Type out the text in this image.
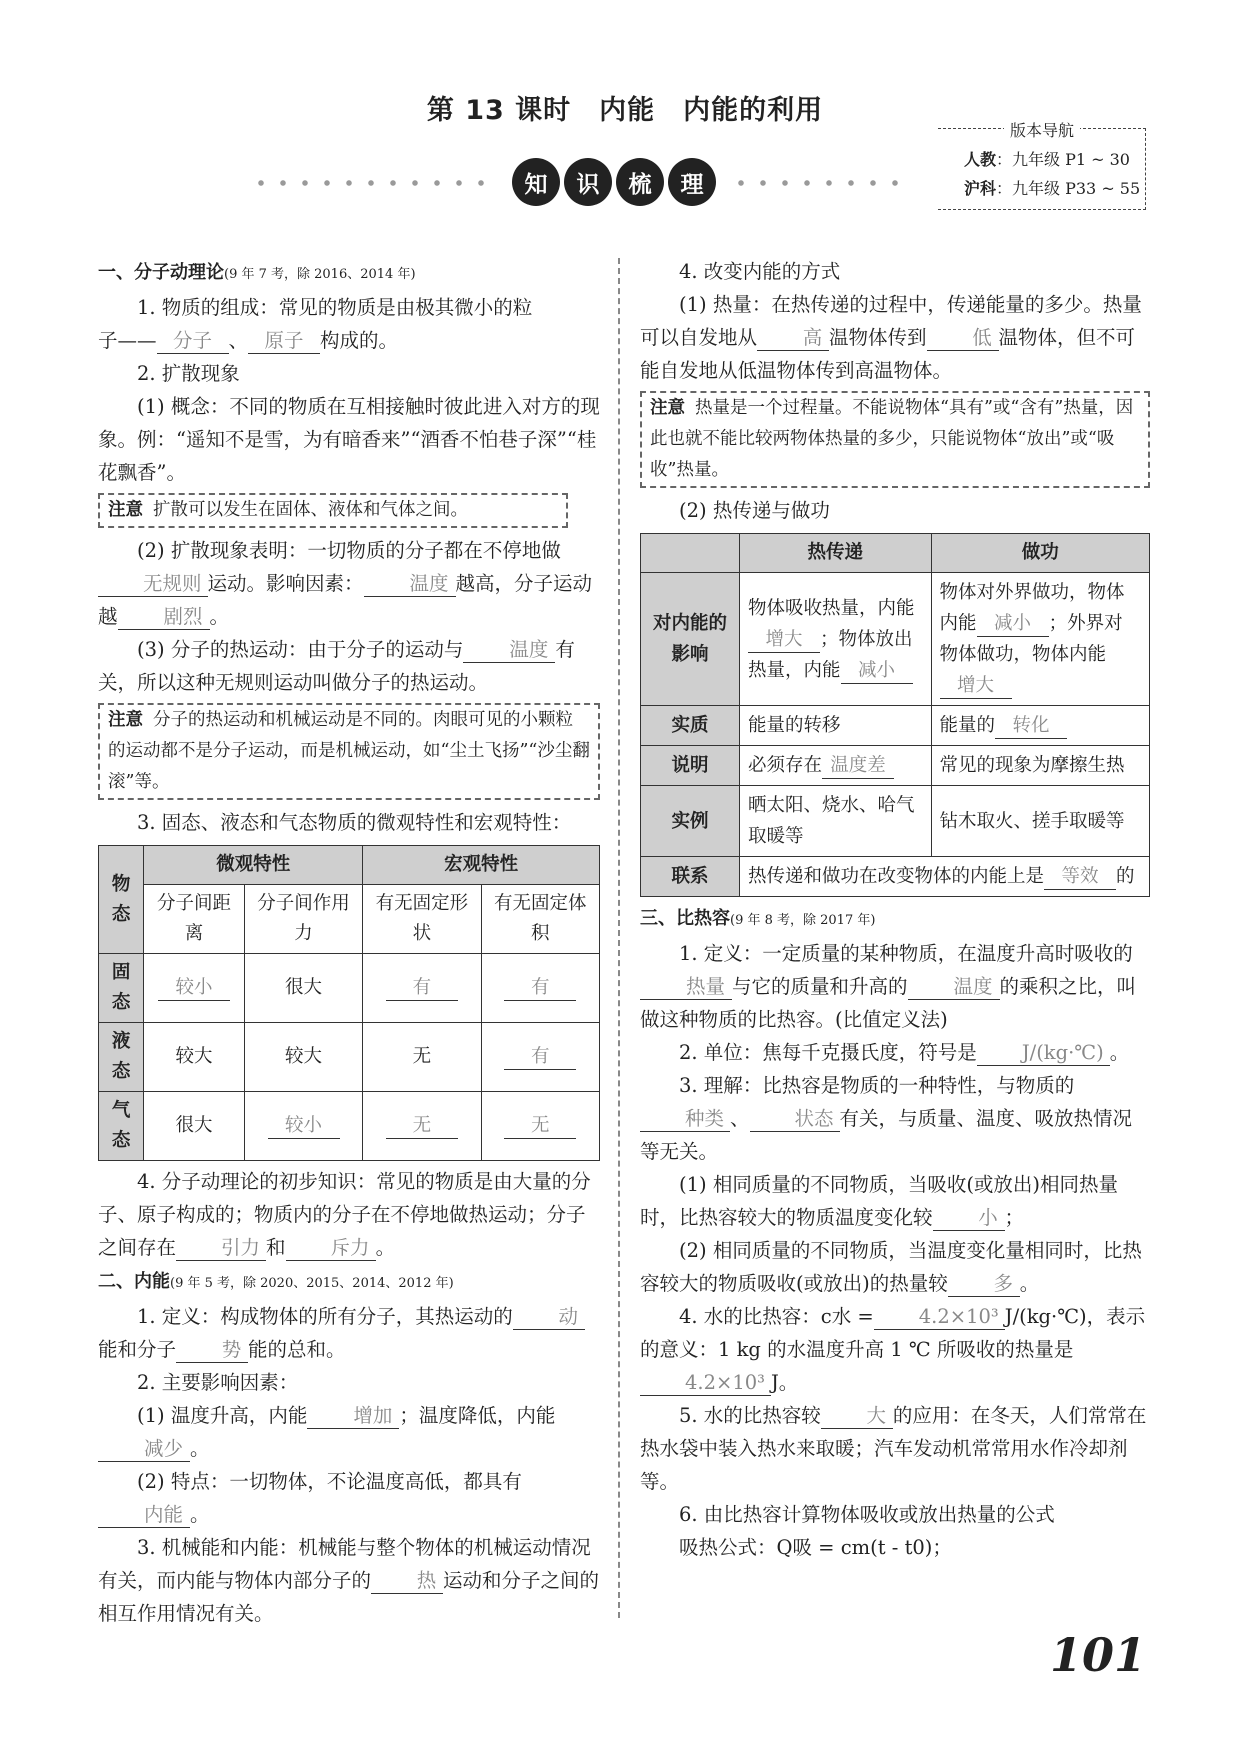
第 13 课时　内能　内能的利用
版本导航
人教：九年级 P1 ~ 30
沪科：九年级 P33 ~ 55
知	识	梳	理

一、分子动理论(9 年 7 考，除 2016、2014 年)

1. 物质的组成：常见的物质是由极其微小的粒

子—— 分子 、 原子 构成的。

2. 扩散现象

(1) 概念：不同的物质在互相接触时彼此进入对方的现象。例：“遥知不是雪，为有暗香来”“酒香不怕巷子深”“桂花飘香”。

注意 扩散可以发生在固体、液体和气体之间。

(2) 扩散现象表明：一切物质的分子都在不停地做无规则 运动。影响因素： 温度 越高，分子运动越 剧烈 。

(3) 分子的热运动：由于分子的运动与 温度 有关，所以这种无规则运动叫做分子的热运动。

注意 分子的热运动和机械运动是不同的。肉眼可见的小颗粒的运动都不是分子运动，而是机械运动，如“尘土飞扬”“沙尘翻滚”等。

3. 固态、液态和气态物质的微观特性和宏观特性：

物态	微观特性		宏观特性	
	分子间距离	分子间作用力	有无固定形状	有无固定体积
固态	较小	很大	有	有
液态	较大	较大	无	有
气态	很大	较小	无	无

4. 分子动理论的初步知识：常见的物质是由大量的分子、原子构成的；物质内的分子在不停地做热运动；分子之间存在 引力 和 斥力 。

二、内能(9 年 5 考，除 2020、2015、2014、2012 年)

1. 定义：构成物体的所有分子，其热运动的 动能和分子 势 能的总和。

2. 主要影响因素：

(1) 温度升高，内能 增加 ；温度降低，内能减少 。

(2) 特点：一切物体，不论温度高低，都具有内能 。

3. 机械能和内能：机械能与整个物体的机械运动情况有关，而内能与物体内部分子的 热 运动和分子之间的相互作用情况有关。

4. 改变内能的方式

(1) 热量：在热传递的过程中，传递能量的多少。热量可以自发地从 高 温物体传到 低 温物体，但不可能自发地从低温物体传到高温物体。

注意 热量是一个过程量。不能说物体“具有”或“含有”热量，因此也就不能比较两物体热量的多少，只能说物体“放出”或“吸收”热量。

(2) 热传递与做功

	热传递	做功
对内能的影响	物体吸收热量，内能增大 ；物体放出热量，内能 减小	物体对外界做功，物体内能 减小 ；外界对物体做功，物体内能增大
实质	能量的转移	能量的 转化
说明	必须存在 温度差	常见的现象为摩擦生热
实例	晒太阳、烧水、哈气取暖等	钻木取火、搓手取暖等
联系	热传递和做功在改变物体的内能上是 等效 的	

三、比热容(9 年 8 考，除 2017 年)

1. 定义：一定质量的某种物质，在温度升高时吸收的热量 与它的质量和升高的 温度 的乘积之比，叫做这种物质的比热容。(比值定义法)

2. 单位：焦每千克摄氏度，符号是 J/(kg·℃) 。

3. 理解：比热容是物质的一种特性，与物质的种类 、 状态 有关，与质量、温度、吸放热情况等无关。

(1) 相同质量的不同物质，当吸收(或放出)相同热量时，比热容较大的物质温度变化较 小 ；

(2) 相同质量的不同物质，当温度变化量相同时，比热容较大的物质吸收(或放出)的热量较 多 。

4. 水的比热容：c水 = 4.2×10³ J/(kg·℃)，表示的意义：1 kg 的水温度升高 1 ℃ 所吸收的热量是4.2×10³ J。

5. 水的比热容较 大 的应用：在冬天，人们常常在热水袋中装入热水来取暖；汽车发动机常常用水作冷却剂等。

6. 由比热容计算物体吸收或放出热量的公式

吸热公式：Q吸 = cm(t - t0)；

101
